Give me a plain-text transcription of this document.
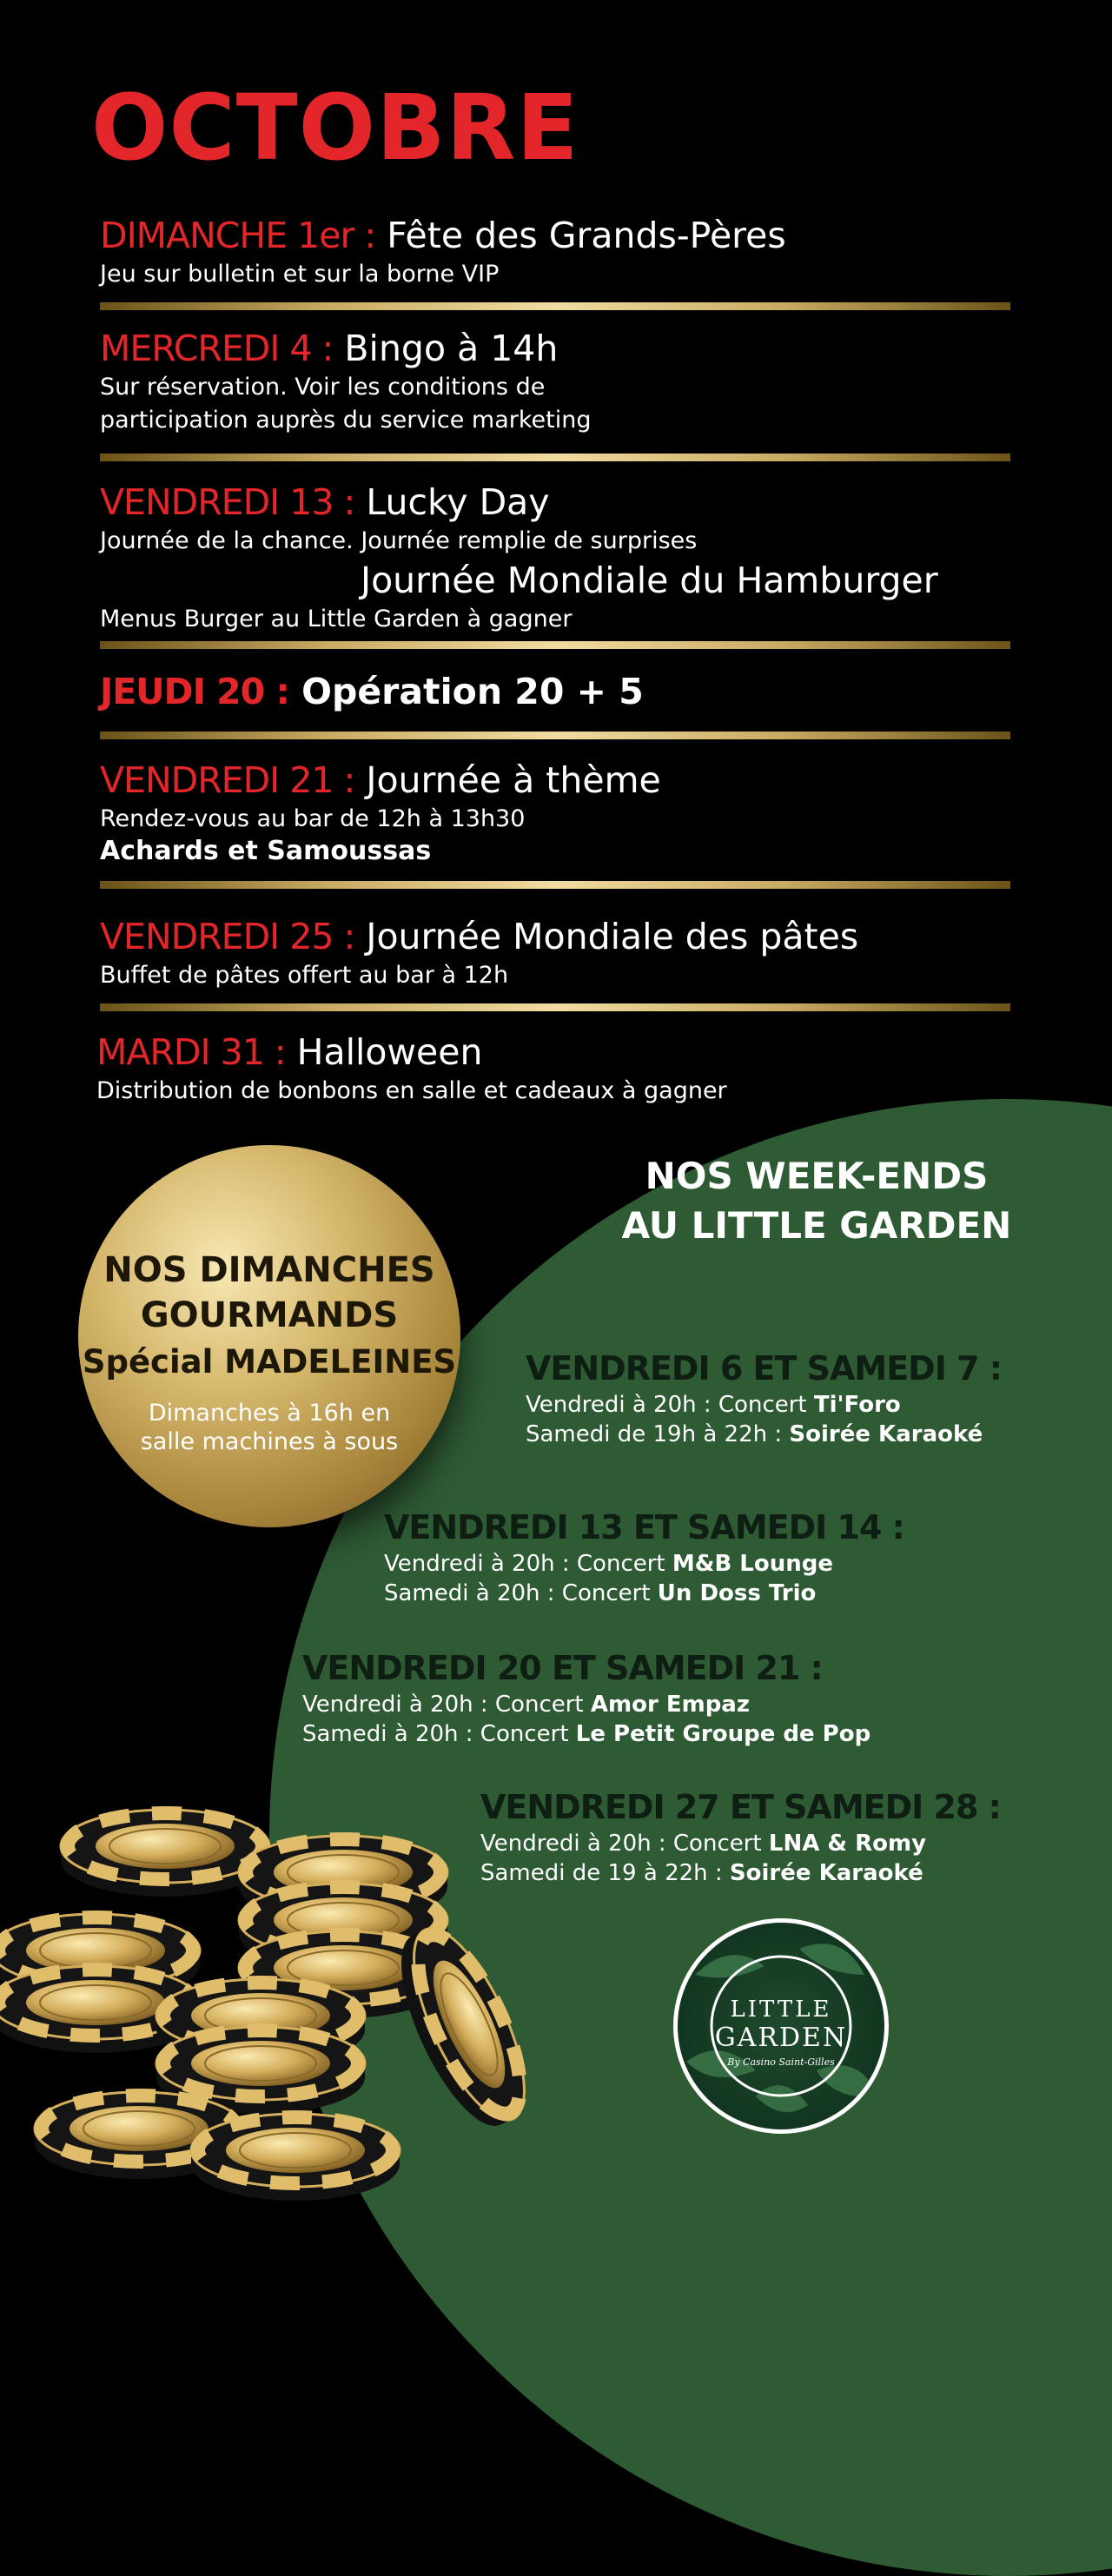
OCTOBRE
DIMANCHE 1er : Fête des Grands-Pères
Jeu sur bulletin et sur la borne VIP
MERCREDI 4 : Bingo à 14h
Sur réservation. Voir les conditions de
participation auprès du service marketing
VENDREDI 13 : Lucky Day
Journée de la chance. Journée remplie de surprises
Journée Mondiale du Hamburger
Menus Burger au Little Garden à gagner
JEUDI 20 : Opération 20 + 5
VENDREDI 21 : Journée à thème
Rendez-vous au bar de 12h à 13h30
Achards et Samoussas
VENDREDI 25 : Journée Mondiale des pâtes
Buffet de pâtes offert au bar à 12h
MARDI 31 : Halloween
Distribution de bonbons en salle et cadeaux à gagner
NOS WEEK-ENDS
AU LITTLE GARDEN
VENDREDI 6 ET SAMEDI 7 :
Vendredi à 20h : Concert Ti'Foro
Samedi de 19h à 22h : Soirée Karaoké
VENDREDI 13 ET SAMEDI 14 :
Vendredi à 20h : Concert M&B Lounge
Samedi à 20h : Concert Un Doss Trio
VENDREDI 20 ET SAMEDI 21 :
Vendredi à 20h : Concert Amor Empaz
Samedi à 20h : Concert Le Petit Groupe de Pop
VENDREDI 27 ET SAMEDI 28 :
Vendredi à 20h : Concert LNA & Romy
Samedi de 19 à 22h : Soirée Karaoké
NOS DIMANCHES
GOURMANDS
Spécial MADELEINES
Dimanches à 16h en
salle machines à sous
LITTLE
GARDEN
By Casino Saint-Gilles
